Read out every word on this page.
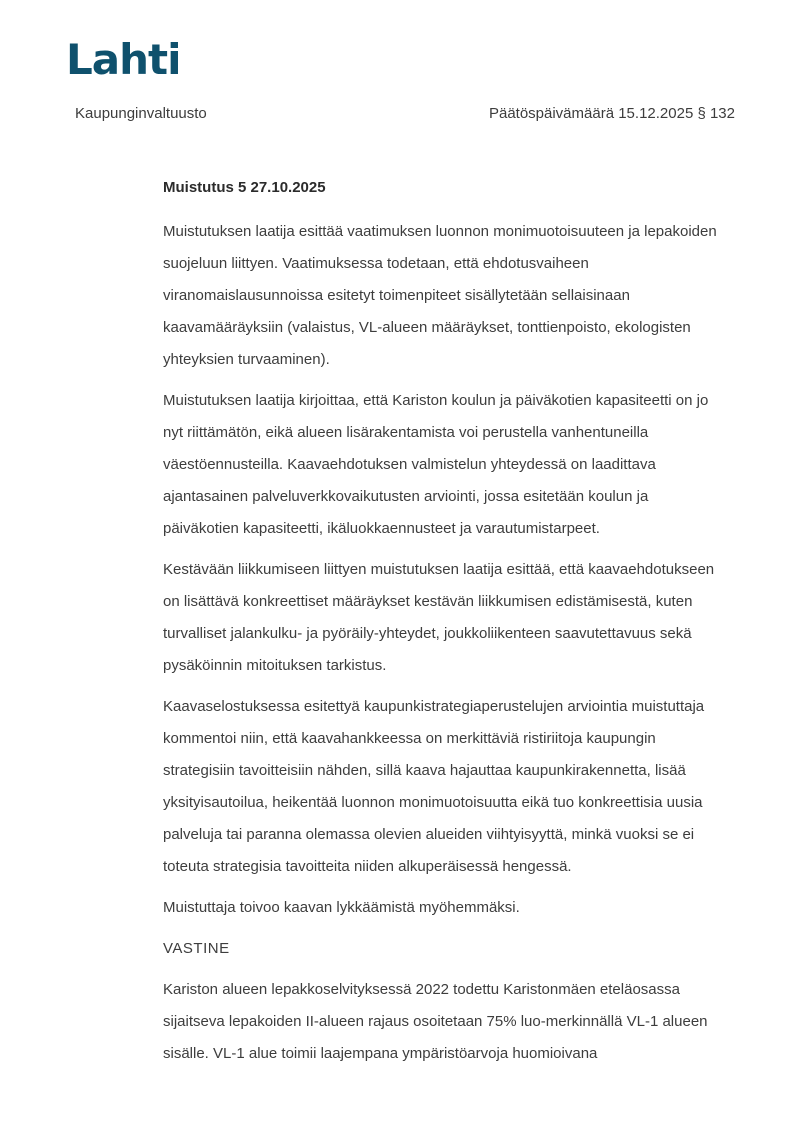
Lahti
Kaupunginvaltuusto	Päätöspäivämäärä 15.12.2025 § 132
Muistutus 5 27.10.2025

Muistutuksen laatija esittää vaatimuksen luonnon monimuotoisuuteen ja lepakoiden suojeluun liittyen. Vaatimuksessa todetaan, että ehdotusvaiheen viranomaislausunnoissa esitetyt toimenpiteet sisällytetään sellaisinaan kaavamääräyksiin (valaistus, VL-alueen määräykset, tonttienpoisto, ekologisten yhteyksien turvaaminen).

Muistutuksen laatija kirjoittaa, että Kariston koulun ja päiväkotien kapasiteetti on jo nyt riittämätön, eikä alueen lisärakentamista voi perustella vanhentuneilla väestöennusteilla. Kaavaehdotuksen valmistelun yhteydessä on laadittava ajantasainen palveluverkkovaikutusten arviointi, jossa esitetään koulun ja päiväkotien kapasiteetti, ikäluokkaennusteet ja varautumistarpeet.

Kestävään liikkumiseen liittyen muistutuksen laatija esittää, että kaavaehdotukseen on lisättävä konkreettiset määräykset kestävän liikkumisen edistämisestä, kuten turvalliset jalankulku- ja pyöräily-yhteydet, joukkoliikenteen saavutettavuus sekä pysäköinnin mitoituksen tarkistus.

Kaavaselostuksessa esitettyä kaupunkistrategiaperustelujen arviointia muistuttaja kommentoi niin, että kaavahankkeessa on merkittäviä ristiriitoja kaupungin strategisiin tavoitteisiin nähden, sillä kaava hajauttaa kaupunkirakennetta, lisää yksityisautoilua, heikentää luonnon monimuotoisuutta eikä tuo konkreettisia uusia palveluja tai paranna olemassa olevien alueiden viihtyisyyttä, minkä vuoksi se ei toteuta strategisia tavoitteita niiden alkuperäisessä hengessä.

Muistuttaja toivoo kaavan lykkäämistä myöhemmäksi.

VASTINE

Kariston alueen lepakkoselvityksessä 2022 todettu Karistonmäen eteläosassa sijaitseva lepakoiden II-alueen rajaus osoitetaan 75% luo-merkinnällä VL-1 alueen sisälle. VL-1 alue toimii laajempana ympäristöarvoja huomioivana
